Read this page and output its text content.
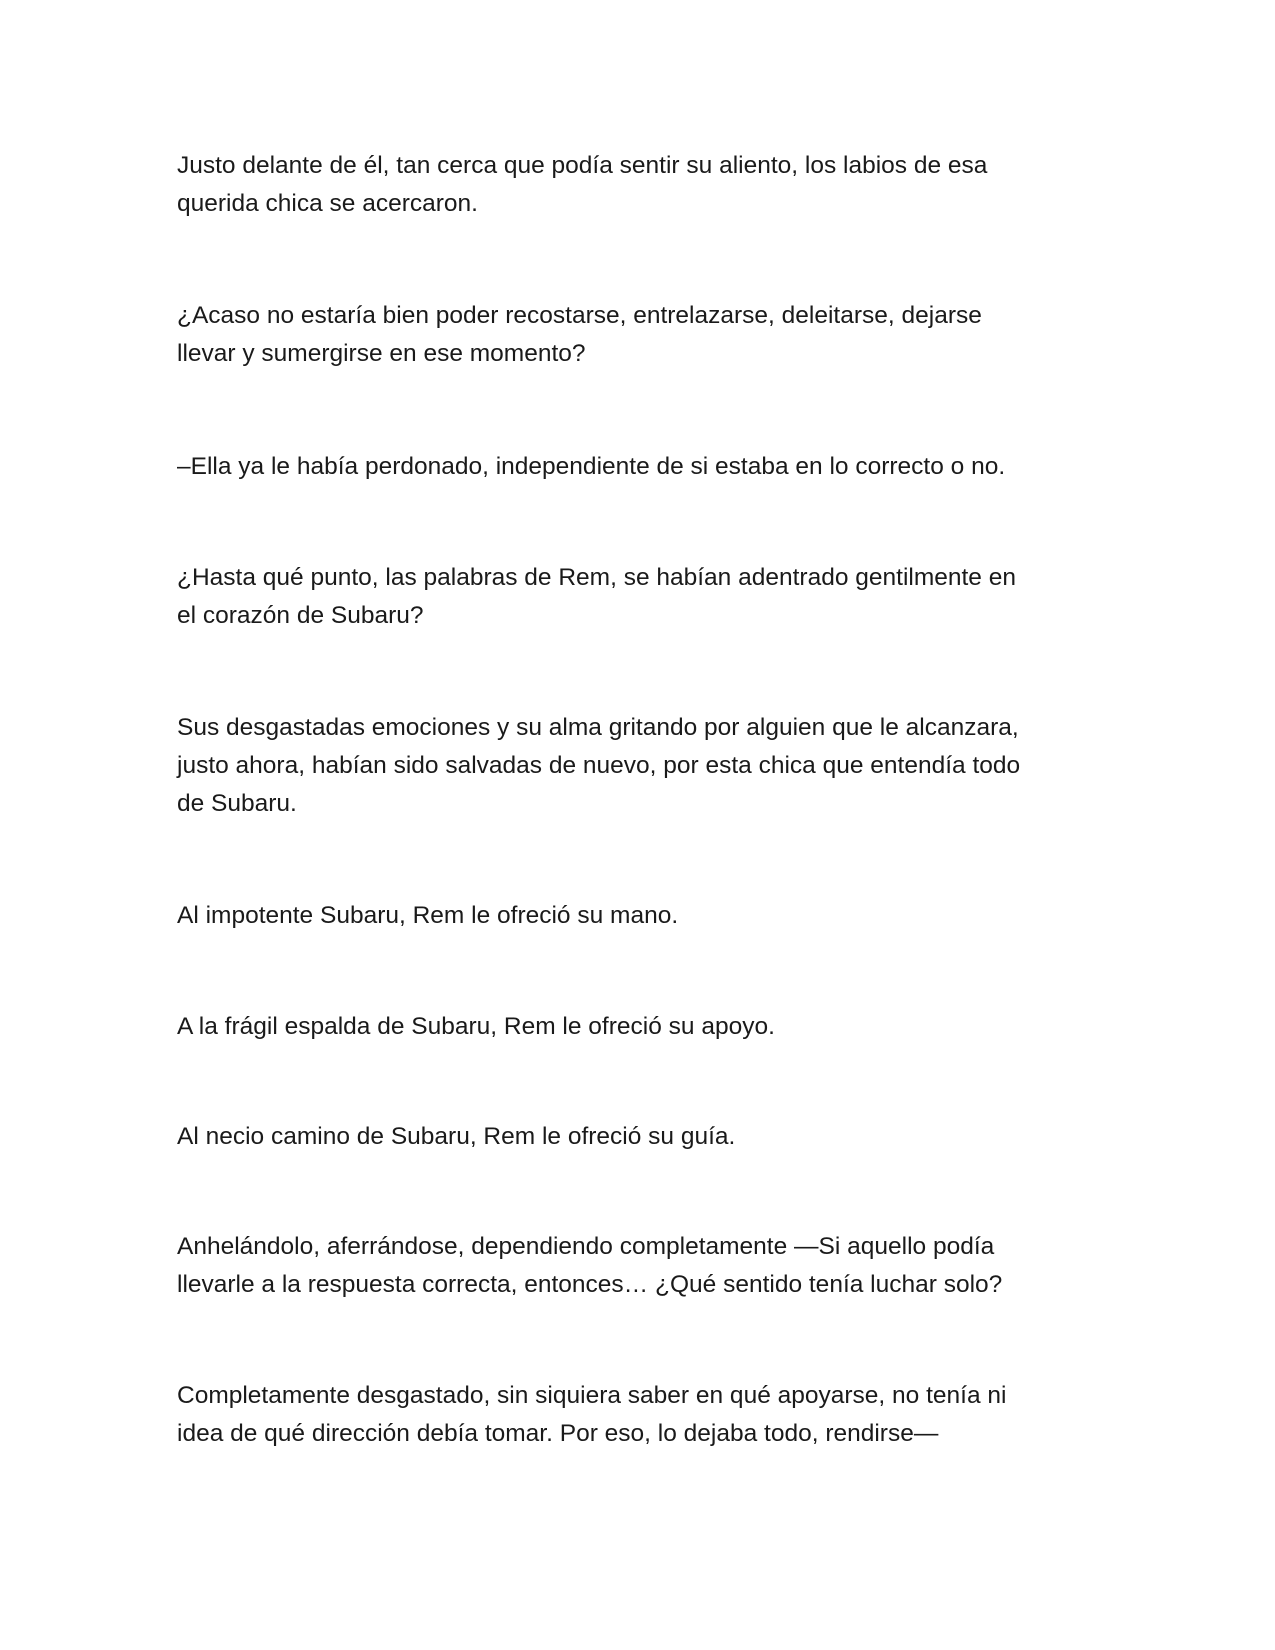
Justo delante de él, tan cerca que podía sentir su aliento, los labios de esa
querida chica se acercaron.

¿Acaso no estaría bien poder recostarse, entrelazarse, deleitarse, dejarse
llevar y sumergirse en ese momento?

–Ella ya le había perdonado, independiente de si estaba en lo correcto o no.

¿Hasta qué punto, las palabras de Rem, se habían adentrado gentilmente en
el corazón de Subaru?

Sus desgastadas emociones y su alma gritando por alguien que le alcanzara,
justo ahora, habían sido salvadas de nuevo, por esta chica que entendía todo
de Subaru.

Al impotente Subaru, Rem le ofreció su mano.

A la frágil espalda de Subaru, Rem le ofreció su apoyo.

Al necio camino de Subaru, Rem le ofreció su guía.

Anhelándolo, aferrándose, dependiendo completamente —Si aquello podía
llevarle a la respuesta correcta, entonces… ¿Qué sentido tenía luchar solo?

Completamente desgastado, sin siquiera saber en qué apoyarse, no tenía ni
idea de qué dirección debía tomar. Por eso, lo dejaba todo, rendirse—
